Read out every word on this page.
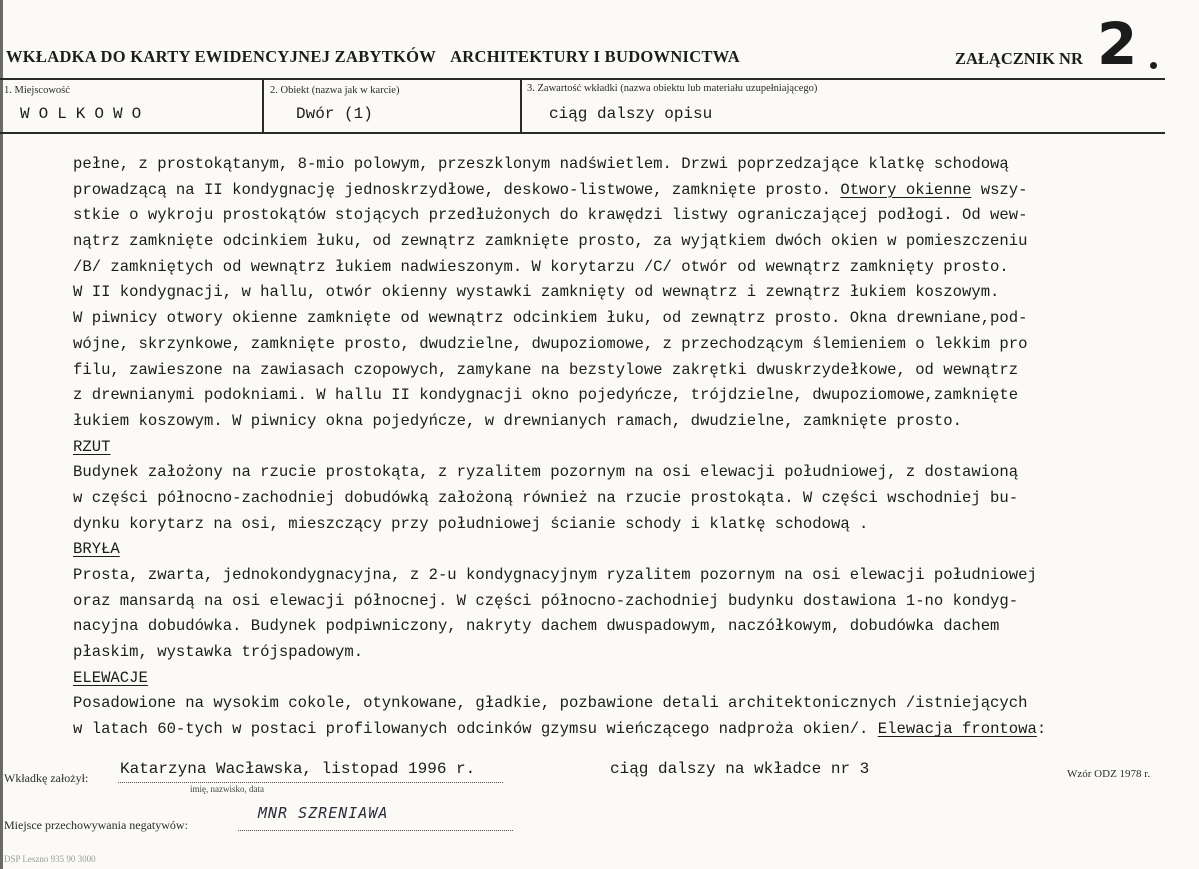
WKŁADKA DO KARTY EWIDENCYJNEJ ZABYTKÓW ARCHITEKTURY I BUDOWNICTWA	ZAŁĄCZNIK NR 2
1. Miejscowość
WOLKOWO
2. Obiekt (nazwa jak w karcie)
Dwór (1)
3. Zawartość wkładki (nazwa obiektu lub materiału uzupełniającego)
ciąg dalszy opisu
pełne, z prostokątanym, 8-mio polowym, przeszklonym nadświetlem. Drzwi poprzedzające klatkę schodową
prowadzącą na II kondygnację jednoskrzydłowe, deskowo-listwowe, zamknięte prosto. Otwory okienne wszy-
stkie o wykroju prostokątów stojących przedłużonych do krawędzi listwy ograniczającej podłogi. Od wew-
nątrz zamknięte odcinkiem łuku, od zewnątrz zamknięte prosto, za wyjątkiem dwóch okien w pomieszczeniu
/B/ zamkniętych od wewnątrz łukiem nadwieszonym. W korytarzu /C/ otwór od wewnątrz zamknięty prosto.
W II kondygnacji, w hallu, otwór okienny wystawki zamknięty od wewnątrz i zewnątrz łukiem koszowym.
W piwnicy otwory okienne zamknięte od wewnątrz odcinkiem łuku, od zewnątrz prosto. Okna drewniane,pod-
wójne, skrzynkowe, zamknięte prosto, dwudzielne, dwupoziomowe, z przechodzącym ślemieniem o lekkim pro
filu, zawieszone na zawiasach czopowych, zamykane na bezstylowe zakrętki dwuskrzydełkowe, od wewnątrz
z drewnianymi podokniami. W hallu II kondygnacji okno pojedyńcze, trójdzielne, dwupoziomowe,zamknięte
łukiem koszowym. W piwnicy okna pojedyńcze, w drewnianych ramach, dwudzielne, zamknięte prosto.
RZUT
Budynek założony na rzucie prostokąta, z ryzalitem pozornym na osi elewacji południowej, z dostawioną
w części północno-zachodniej dobudówką założoną również na rzucie prostokąta. W części wschodniej bu-
dynku korytarz na osi, mieszczący przy południowej ścianie schody i klatkę schodową .
BRYŁA
Prosta, zwarta, jednokondygnacyjna, z 2-u kondygnacyjnym ryzalitem pozornym na osi elewacji południowej
oraz mansardą na osi elewacji północnej. W części północno-zachodniej budynku dostawiona 1-no kondyg-
nacyjna dobudówka. Budynek podpiwniczony, nakryty dachem dwuspadowym, naczółkowym, dobudówka dachem
płaskim, wystawka trójspadowym.
ELEWACJE
Posadowione na wysokim cokole, otynkowane, gładkie, pozbawione detali architektonicznych /istniejących
w latach 60-tych w postaci profilowanych odcinków gzymsu wieńczącego nadproża okien/. Elewacja frontowa:
Wkładkę założył: Katarzyna Wacławska, listopad 1996 r.
imię, nazwisko, data
ciąg dalszy na wkładce nr 3	Wzór ODZ 1978 r.
Miejsce przechowywania negatywów:
MNR SZRENIAWA
DSP Leszno 935 90 3000
